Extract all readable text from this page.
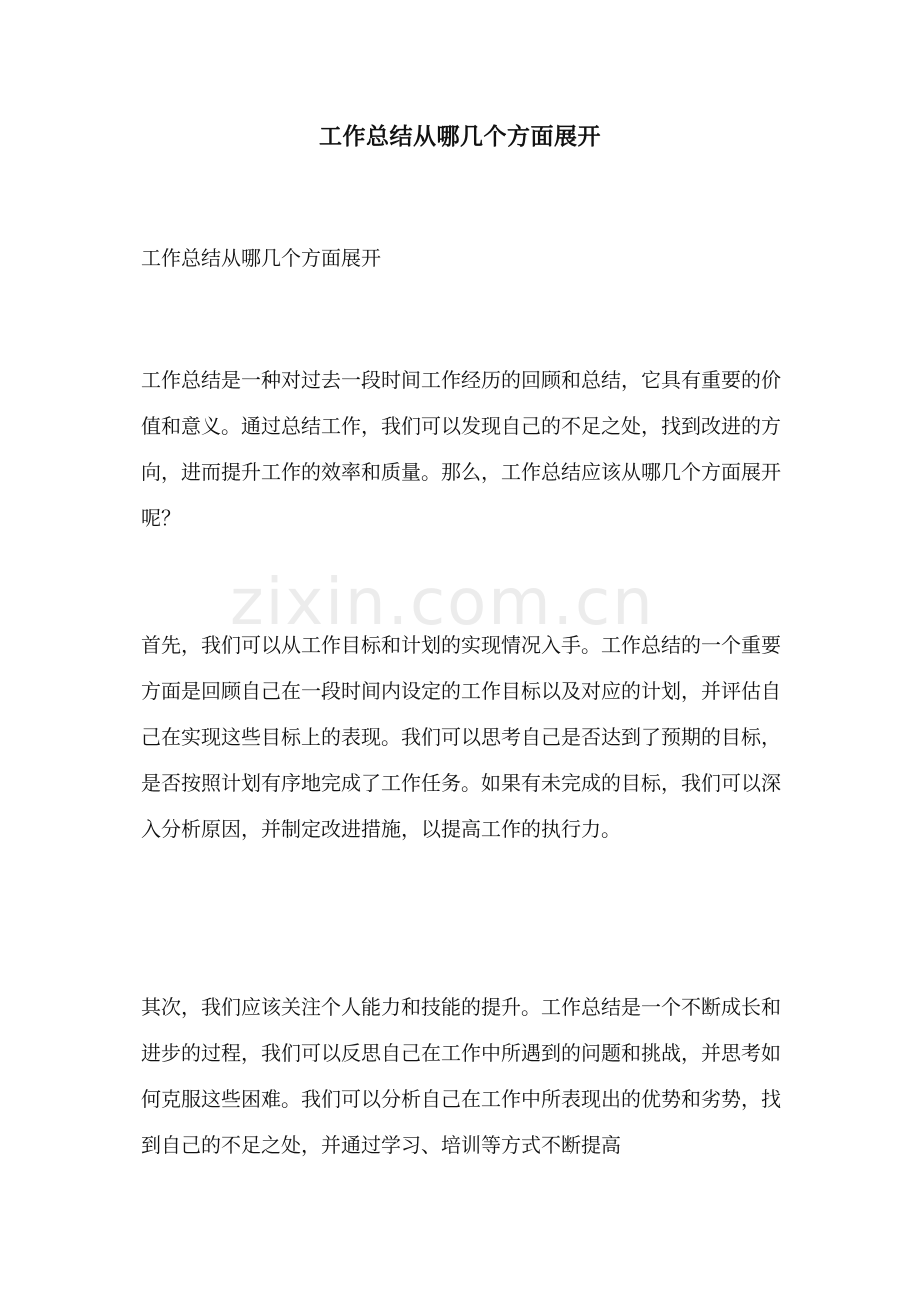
zixin.com.cn
工作总结从哪几个方面展开

工作总结从哪几个方面展开

工作总结是一种对过去一段时间工作经历的回顾和总结，它具有重要的价值和意义。通过总结工作，我们可以发现自己的不足之处，找到改进的方向，进而提升工作的效率和质量。那么，工作总结应该从哪几个方面展开呢？

首先，我们可以从工作目标和计划的实现情况入手。工作总结的一个重要方面是回顾自己在一段时间内设定的工作目标以及对应的计划，并评估自己在实现这些目标上的表现。我们可以思考自己是否达到了预期的目标，是否按照计划有序地完成了工作任务。如果有未完成的目标，我们可以深入分析原因，并制定改进措施，以提高工作的执行力。

其次，我们应该关注个人能力和技能的提升。工作总结是一个不断成长和进步的过程，我们可以反思自己在工作中所遇到的问题和挑战，并思考如何克服这些困难。我们可以分析自己在工作中所表现出的优势和劣势，找到自己的不足之处，并通过学习、培训等方式不断提高
